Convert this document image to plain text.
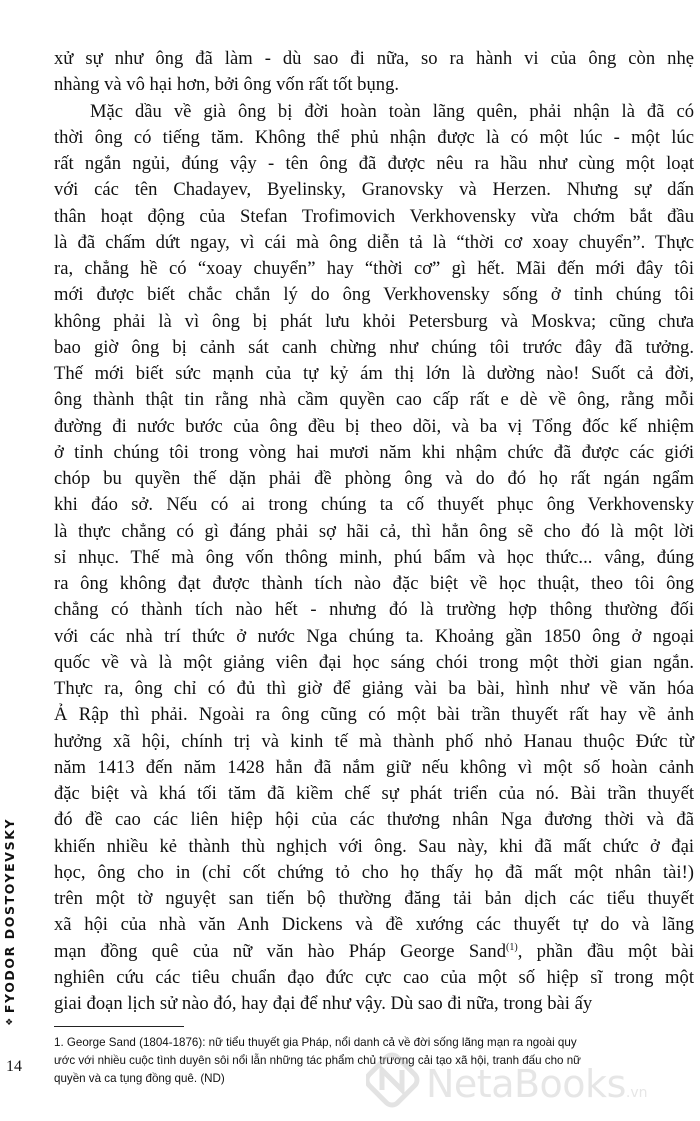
FYODOR DOSTOYEVSKY
❖
14

xử sự như ông đã làm - dù sao đi nữa, so ra hành vi của ông còn nhẹ

nhàng và vô hại hơn, bởi ông vốn rất tốt bụng.

Mặc dầu về già ông bị đời hoàn toàn lãng quên, phải nhận là đã có

thời ông có tiếng tăm. Không thể phủ nhận được là có một lúc - một lúc

rất ngắn ngủi, đúng vậy - tên ông đã được nêu ra hầu như cùng một loạt

với các tên Chadayev, Byelinsky, Granovsky và Herzen. Nhưng sự dấn

thân hoạt động của Stefan Trofimovich Verkhovensky vừa chớm bắt đầu

là đã chấm dứt ngay, vì cái mà ông diễn tả là “thời cơ xoay chuyển”. Thực

ra, chẳng hề có “xoay chuyển” hay “thời cơ” gì hết. Mãi đến mới đây tôi

mới được biết chắc chắn lý do ông Verkhovensky sống ở tỉnh chúng tôi

không phải là vì ông bị phát lưu khỏi Petersburg và Moskva; cũng chưa

bao giờ ông bị cảnh sát canh chừng như chúng tôi trước đây đã tưởng.

Thế mới biết sức mạnh của tự kỷ ám thị lớn là dường nào! Suốt cả đời,

ông thành thật tin rằng nhà cầm quyền cao cấp rất e dè về ông, rằng mỗi

đường đi nước bước của ông đều bị theo dõi, và ba vị Tổng đốc kế nhiệm

ở tỉnh chúng tôi trong vòng hai mươi năm khi nhậm chức đã được các giới

chóp bu quyền thế dặn phải đề phòng ông và do đó họ rất ngán ngẩm

khi đáo sở. Nếu có ai trong chúng ta cố thuyết phục ông Verkhovensky

là thực chẳng có gì đáng phải sợ hãi cả, thì hẳn ông sẽ cho đó là một lời

sỉ nhục. Thế mà ông vốn thông minh, phú bẩm và học thức... vâng, đúng

ra ông không đạt được thành tích nào đặc biệt về học thuật, theo tôi ông

chẳng có thành tích nào hết - nhưng đó là trường hợp thông thường đối

với các nhà trí thức ở nước Nga chúng ta. Khoảng gần 1850 ông ở ngoại

quốc về và là một giảng viên đại học sáng chói trong một thời gian ngắn.

Thực ra, ông chỉ có đủ thì giờ để giảng vài ba bài, hình như về văn hóa

Ả Rập thì phải. Ngoài ra ông cũng có một bài trần thuyết rất hay về ảnh

hưởng xã hội, chính trị và kinh tế mà thành phố nhỏ Hanau thuộc Đức từ

năm 1413 đến năm 1428 hẳn đã nắm giữ nếu không vì một số hoàn cảnh

đặc biệt và khá tối tăm đã kiềm chế sự phát triển của nó. Bài trần thuyết

đó đề cao các liên hiệp hội của các thương nhân Nga đương thời và đã

khiến nhiều kẻ thành thù nghịch với ông. Sau này, khi đã mất chức ở đại

học, ông cho in (chỉ cốt chứng tỏ cho họ thấy họ đã mất một nhân tài!)

trên một tờ nguyệt san tiến bộ thường đăng tải bản dịch các tiểu thuyết

xã hội của nhà văn Anh Dickens và đề xướng các thuyết tự do và lãng

mạn đồng quê của nữ văn hào Pháp George Sand$^{(1)}$, phần đầu một bài

nghiên cứu các tiêu chuẩn đạo đức cực cao của một số hiệp sĩ trong một

giai đoạn lịch sử nào đó, hay đại để như vậy. Dù sao đi nữa, trong bài ấy

1. George Sand (1804-1876): nữ tiểu thuyết gia Pháp, nổi danh cả về đời sống lãng mạn ra ngoài quy
ước với nhiều cuộc tình duyên sôi nổi lẫn những tác phẩm chủ trương cải tạo xã hội, tranh đấu cho nữ
quyền và ca tụng đồng quê. (ND)	NetaBooks.vn
